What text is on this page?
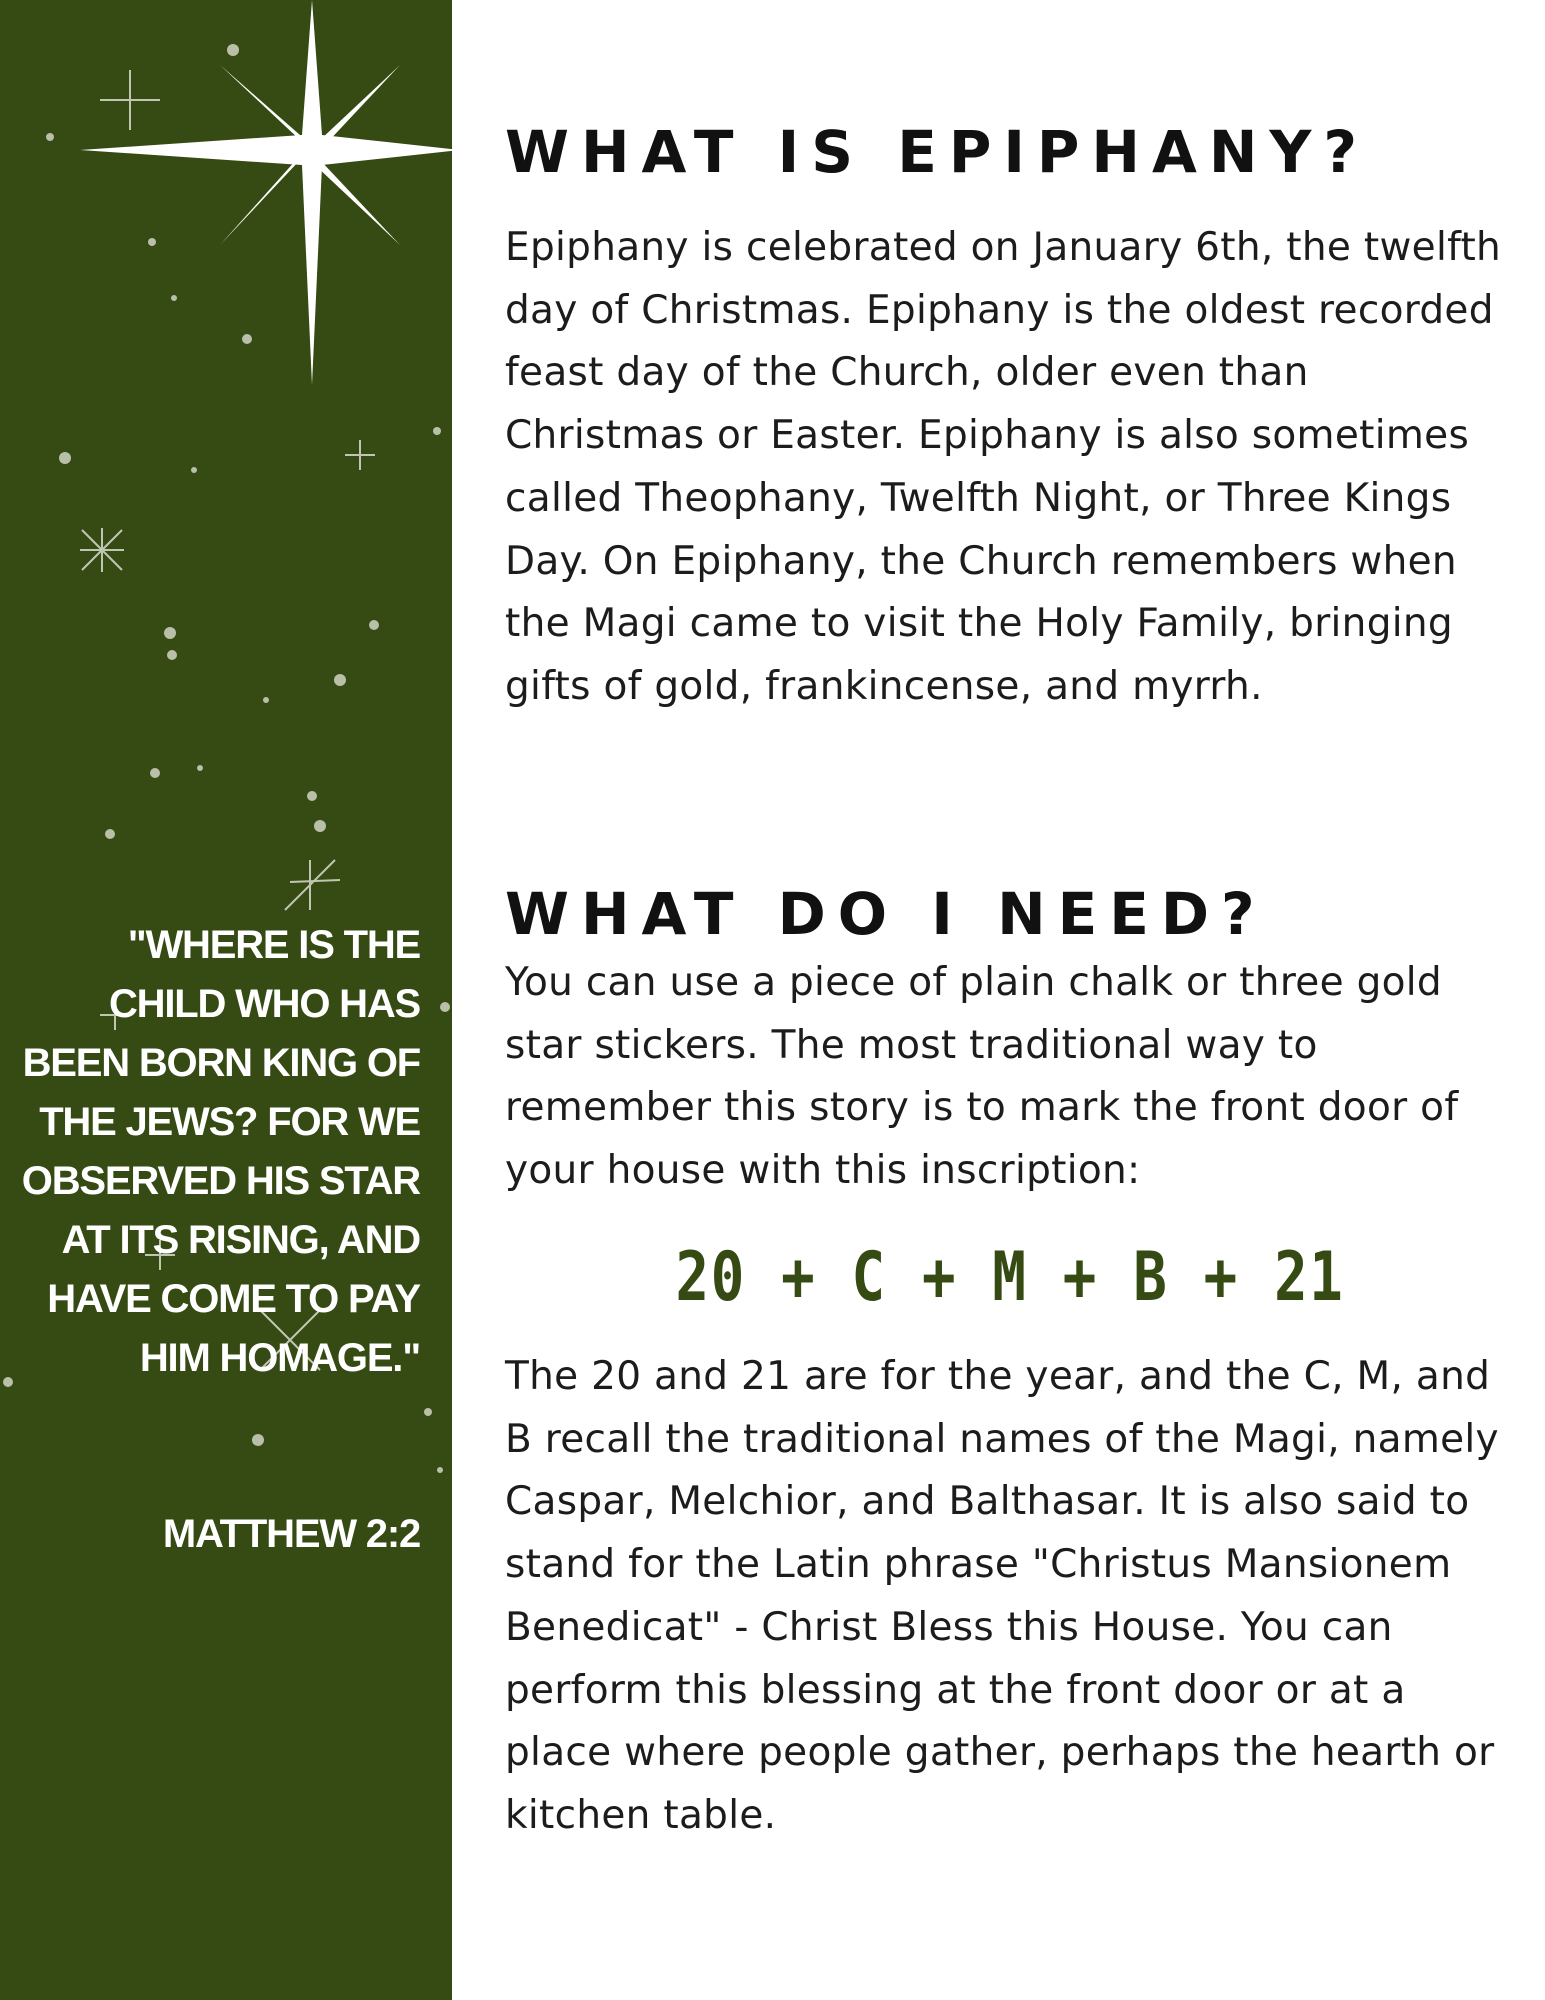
"WHERE IS THE CHILD WHO HAS BEEN BORN KING OF THE JEWS? FOR WE OBSERVED HIS STAR AT ITS RISING, AND HAVE COME TO PAY HIM HOMAGE."

MATTHEW 2:2

WHAT IS EPIPHANY?

Epiphany is celebrated on January 6th, the twelfth day of Christmas. Epiphany is the oldest recorded feast day of the Church, older even than Christmas or Easter. Epiphany is also sometimes called Theophany, Twelfth Night, or Three Kings Day. On Epiphany, the Church remembers when the Magi came to visit the Holy Family, bringing gifts of gold, frankincense, and myrrh.

WHAT DO I NEED?

You can use a piece of plain chalk or three gold star stickers. The most traditional way to remember this story is to mark the front door of your house with this inscription:

20 + C + M + B + 21

The 20 and 21 are for the year, and the C, M, and B recall the traditional names of the Magi, namely Caspar, Melchior, and Balthasar. It is also said to stand for the Latin phrase "Christus Mansionem Benedicat" - Christ Bless this House. You can perform this blessing at the front door or at a place where people gather, perhaps the hearth or kitchen table.
